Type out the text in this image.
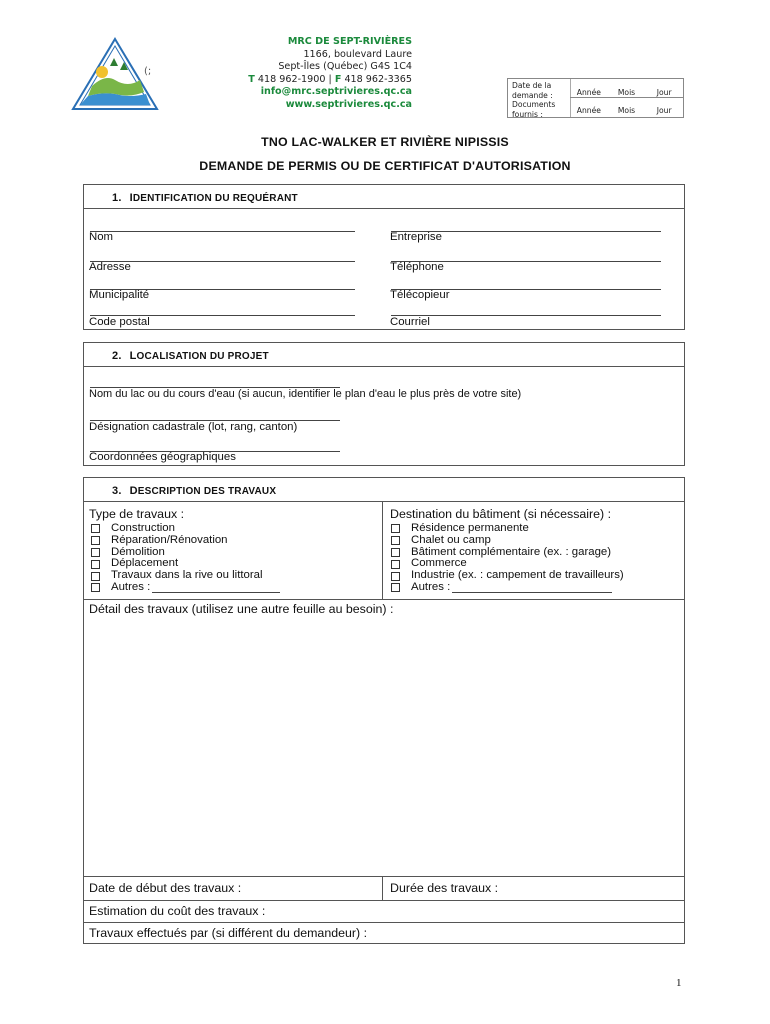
(;
MRC DE SEPT-RIVIÈRES
1166, boulevard Laure
Sept-Îles (Québec) G4S 1C4
T 418 962-1900 | F 418 962-3365
info@mrc.septrivieres.qc.ca
www.septrivieres.qc.ca
Date de la demande :
Documents fournis :
Année	Mois	Jour
Année	Mois	Jour
TNO LAC-WALKER ET RIVIÈRE NIPISSIS
DEMANDE DE PERMIS OU DE CERTIFICAT D'AUTORISATION
1. IDENTIFICATION DU REQUÉRANT
Nom	Entreprise
Adresse	Téléphone
Municipalité	Télécopieur
Code postal	Courriel
2. LOCALISATION DU PROJET
Nom du lac ou du cours d'eau (si aucun, identifier le plan d'eau le plus près de votre site)
Désignation cadastrale (lot, rang, canton)
Coordonnées géographiques
3. DESCRIPTION DES TRAVAUX
Type de travaux :
Construction
Réparation/Rénovation
Démolition
Déplacement
Travaux dans la rive ou littoral
Autres :
Destination du bâtiment (si nécessaire) :
Résidence permanente
Chalet ou camp
Bâtiment complémentaire (ex. : garage)
Commerce
Industrie (ex. : campement de travailleurs)
Autres :
Détail des travaux (utilisez une autre feuille au besoin) :
Date de début des travaux :	Durée des travaux :
Estimation du coût des travaux :
Travaux effectués par (si différent du demandeur) :
1
